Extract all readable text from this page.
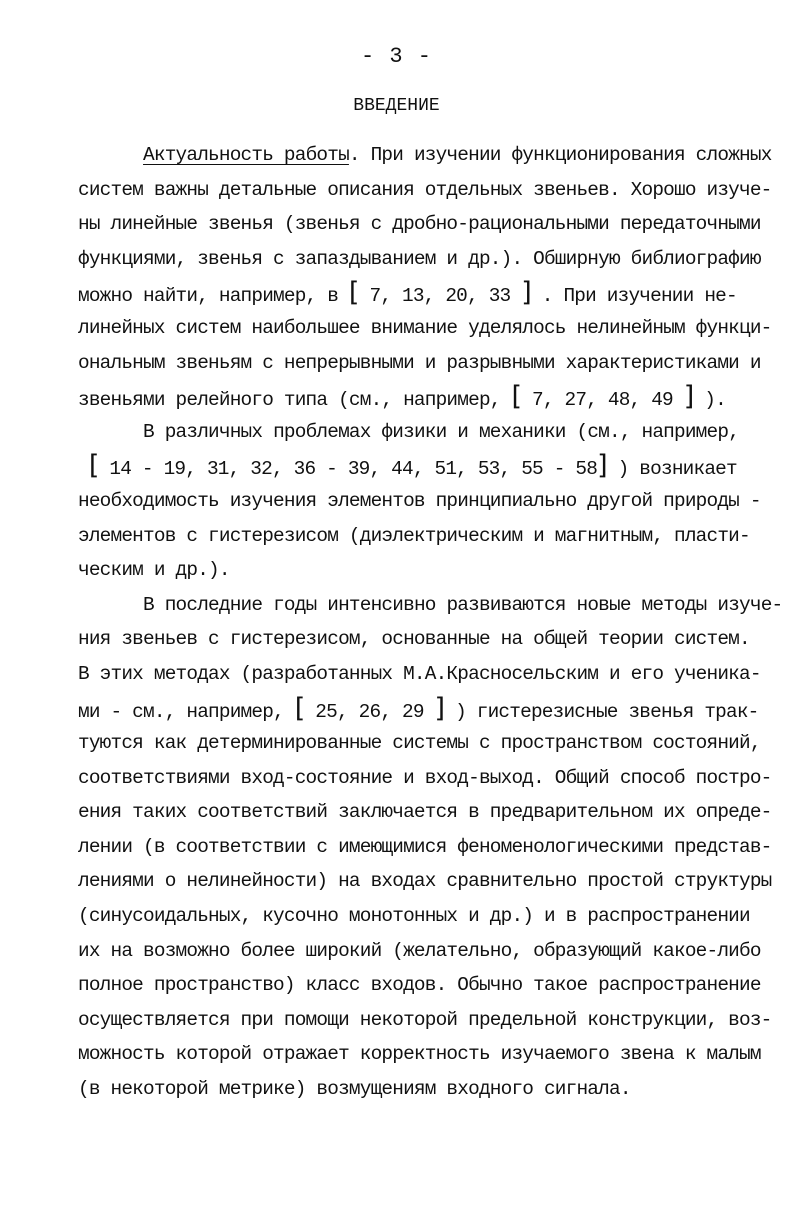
- 3 -
ВВЕДЕНИЕ
Актуальность работы. При изучении функционирования сложных
систем важны детальные описания отдельных звеньев. Хорошо изуче-
ны линейные звенья (звенья с дробно-рациональными передаточными
функциями, звенья с запаздыванием и др.). Обширную библиографию
можно найти, например, в [ 7, 13, 20, 33 ] . При изучении не-
линейных систем наибольшее внимание уделялось нелинейным функци-
ональным звеньям с непрерывными и разрывными характеристиками и
звеньями релейного типа (см., например, [ 7, 27, 48, 49 ] ).
В различных проблемах физики и механики (см., например,
[ 14 - 19, 31, 32, 36 - 39, 44, 51, 53, 55 - 58] ) возникает
необходимость изучения элементов принципиально другой природы -
элементов с гистерезисом (диэлектрическим и магнитным, пласти-
ческим и др.).
В последние годы интенсивно развиваются новые методы изуче-
ния звеньев с гистерезисом, основанные на общей теории систем.
В этих методах (разработанных М.А.Красносельским и его ученика-
ми - см., например, [ 25, 26, 29 ] ) гистерезисные звенья трак-
туются как детерминированные системы с пространством состояний,
соответствиями вход-состояние и вход-выход. Общий способ постро-
ения таких соответствий заключается в предварительном их опреде-
лении (в соответствии с имеющимися феноменологическими представ-
лениями о нелинейности) на входах сравнительно простой структуры
(синусоидальных, кусочно монотонных и др.) и в распространении
их на возможно более широкий (желательно, образующий какое-либо
полное пространство) класс входов. Обычно такое распространение
осуществляется при помощи некоторой предельной конструкции, воз-
можность которой отражает корректность изучаемого звена к малым
(в некоторой метрике) возмущениям входного сигнала.
